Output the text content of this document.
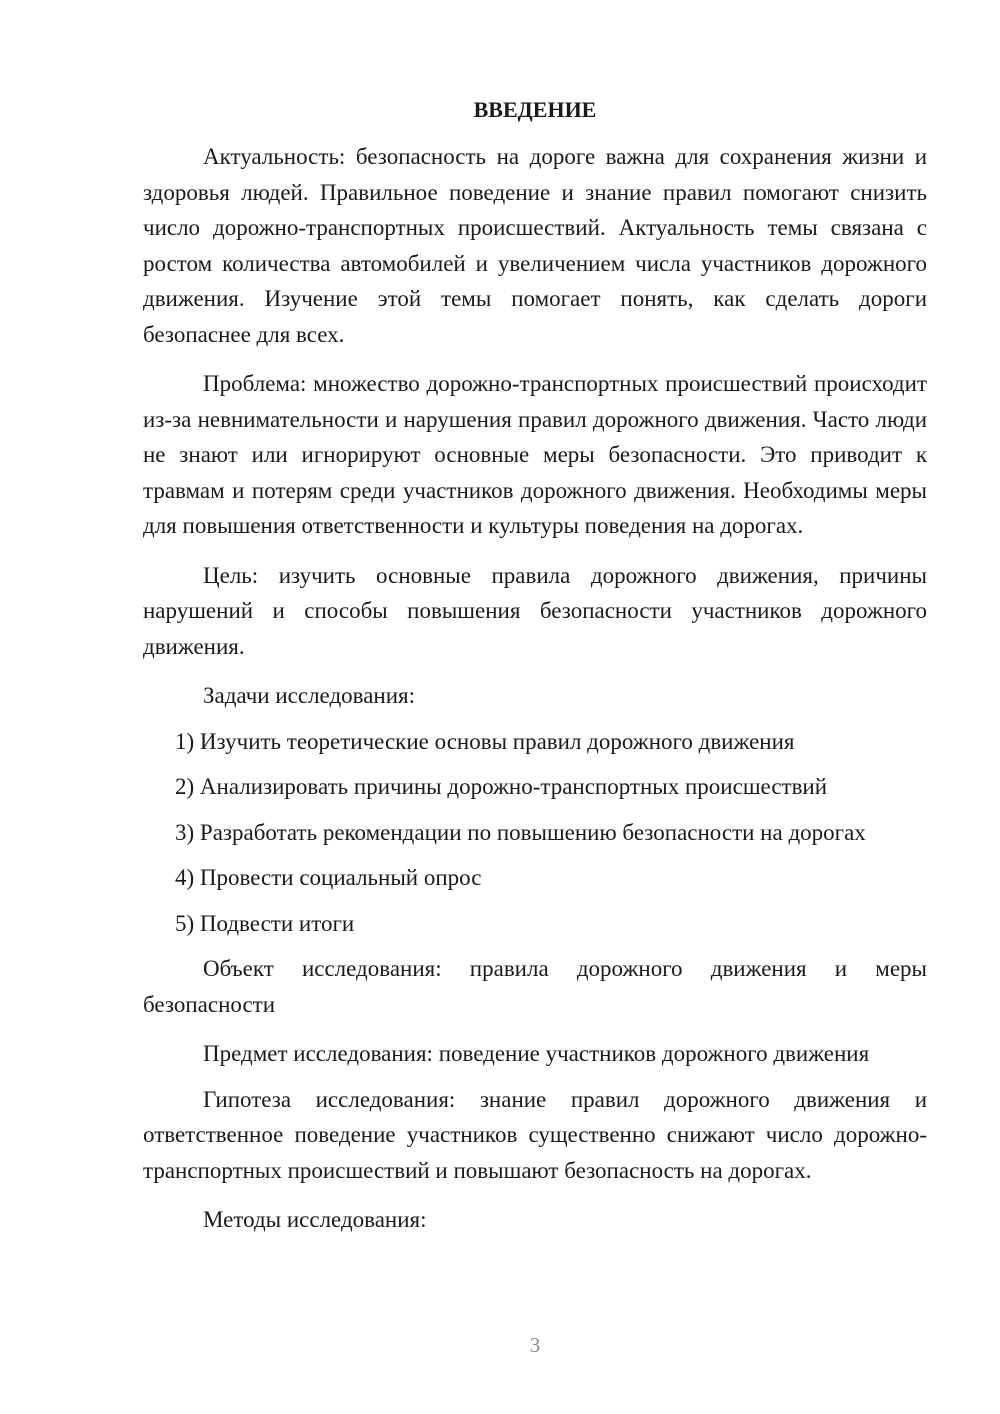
ВВЕДЕНИЕ

Актуальность: безопасность на дороге важна для сохранения жизни и здоровья людей. Правильное поведение и знание правил помогают снизить число дорожно-транспортных происшествий. Актуальность темы связана с ростом количества автомобилей и увеличением числа участников дорожного движения. Изучение этой темы помогает понять, как сделать дороги безопаснее для всех.

Проблема: множество дорожно-транспортных происшествий происходит из-за невнимательности и нарушения правил дорожного движения. Часто люди не знают или игнорируют основные меры безопасности. Это приводит к травмам и потерям среди участников дорожного движения. Необходимы меры для повышения ответственности и культуры поведения на дорогах.

Цель: изучить основные правила дорожного движения, причины нарушений и способы повышения безопасности участников дорожного движения.

Задачи исследования:
1) Изучить теоретические основы правил дорожного движения
2) Анализировать причины дорожно-транспортных происшествий
3) Разработать рекомендации по повышению безопасности на дорогах
4) Провести социальный опрос
5) Подвести итоги

Объект исследования: правила дорожного движения и меры безопасности

Предмет исследования: поведение участников дорожного движения

Гипотеза исследования: знание правил дорожного движения и ответственное поведение участников существенно снижают число дорожно-транспортных происшествий и повышают безопасность на дорогах.

Методы исследования:
3
